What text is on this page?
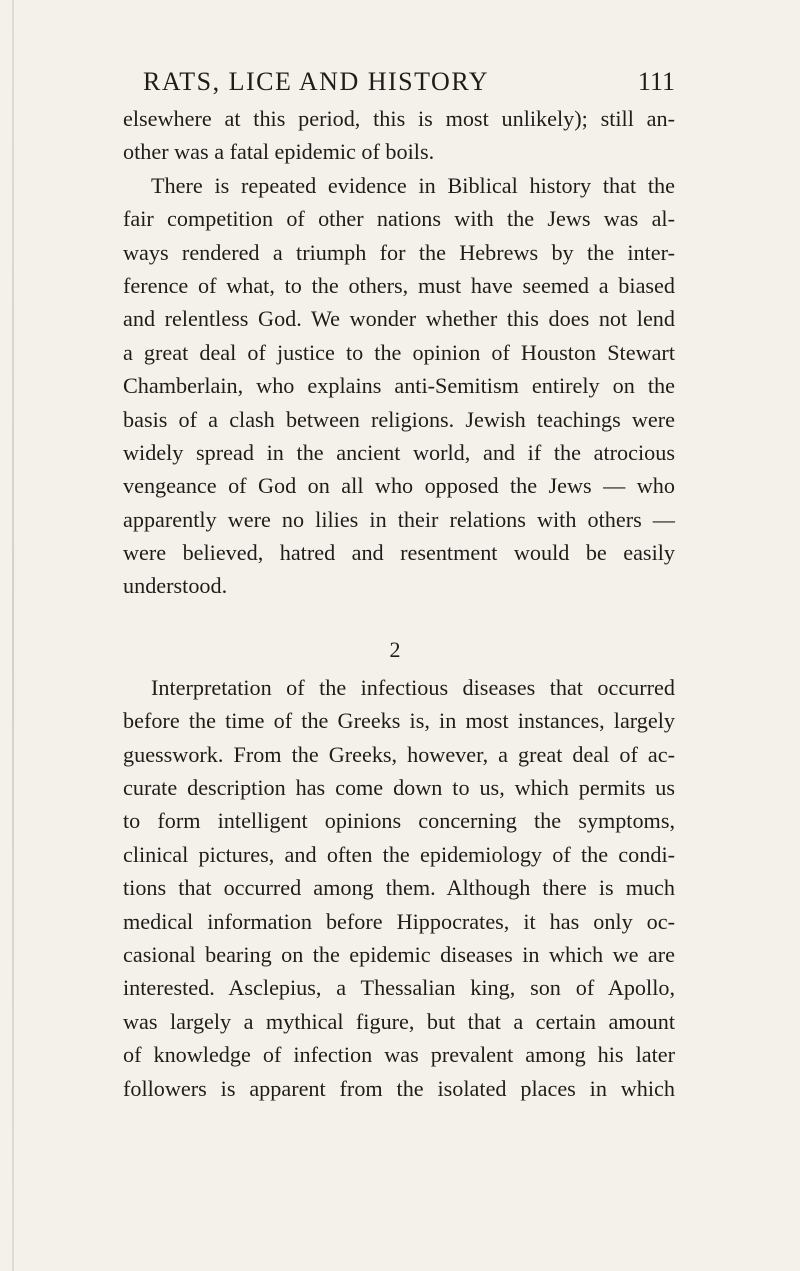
RATS, LICE AND HISTORY	111
elsewhere at this period, this is most unlikely); still an-
other was a fatal epidemic of boils.
There is repeated evidence in Biblical history that the
fair competition of other nations with the Jews was al-
ways rendered a triumph for the Hebrews by the inter-
ference of what, to the others, must have seemed a biased
and relentless God. We wonder whether this does not lend
a great deal of justice to the opinion of Houston Stewart
Chamberlain, who explains anti-Semitism entirely on the
basis of a clash between religions. Jewish teachings were
widely spread in the ancient world, and if the atrocious
vengeance of God on all who opposed the Jews — who
apparently were no lilies in their relations with others —
were believed, hatred and resentment would be easily
understood.
2
Interpretation of the infectious diseases that occurred
before the time of the Greeks is, in most instances, largely
guesswork. From the Greeks, however, a great deal of ac-
curate description has come down to us, which permits us
to form intelligent opinions concerning the symptoms,
clinical pictures, and often the epidemiology of the condi-
tions that occurred among them. Although there is much
medical information before Hippocrates, it has only oc-
casional bearing on the epidemic diseases in which we are
interested. Asclepius, a Thessalian king, son of Apollo,
was largely a mythical figure, but that a certain amount
of knowledge of infection was prevalent among his later
followers is apparent from the isolated places in which
